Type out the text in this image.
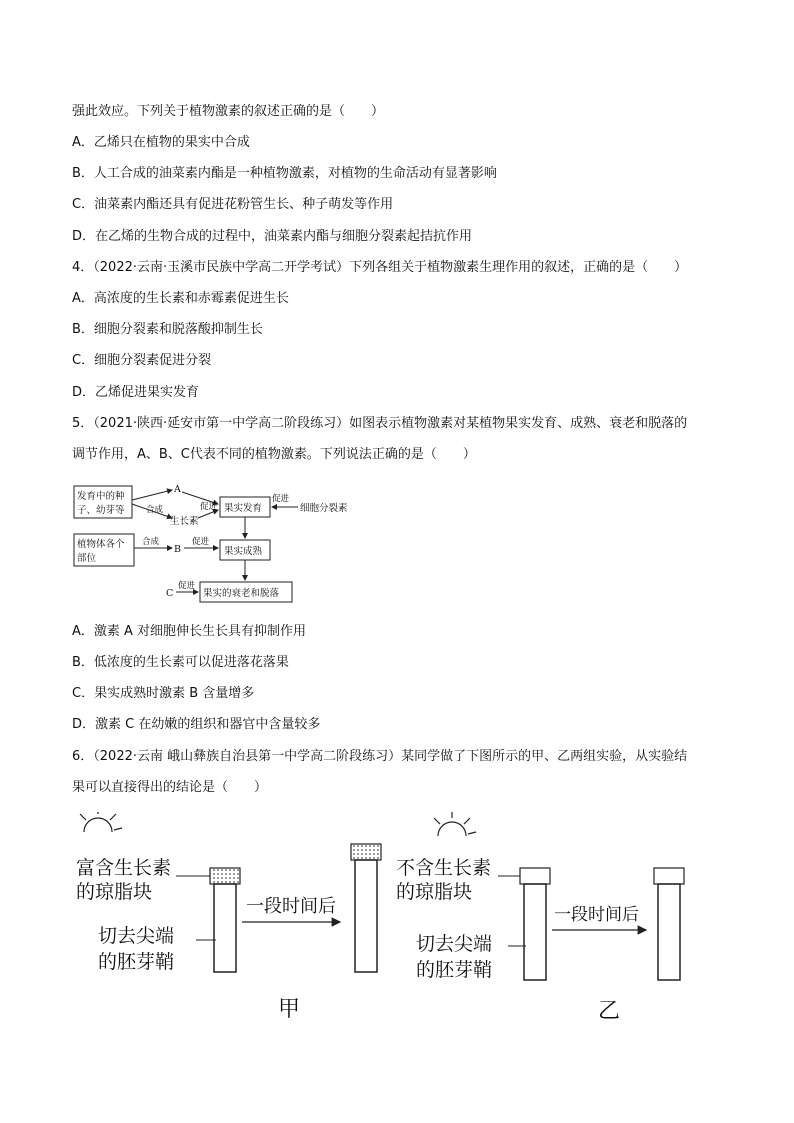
强此效应。下列关于植物激素的叙述正确的是（　　）
A．乙烯只在植物的果实中合成
B．人工合成的油菜素内酯是一种植物激素，对植物的生命活动有显著影响
C．油菜素内酯还具有促进花粉管生长、种子萌发等作用
D．在乙烯的生物合成的过程中，油菜素内酯与细胞分裂素起拮抗作用
4．（2022·云南·玉溪市民族中学高二开学考试）下列各组关于植物激素生理作用的叙述，正确的是（　　）
A．高浓度的生长素和赤霉素促进生长
B．细胞分裂素和脱落酸抑制生长
C．细胞分裂素促进分裂
D．乙烯促进果实发育
5．（2021·陕西·延安市第一中学高二阶段练习）如图表示植物激素对某植物果实发育、成熟、衰老和脱落的
调节作用，A、B、C代表不同的植物激素。下列说法正确的是（　　）
发育中的种
子、幼芽等
植物体各个
部位
A
生长素
合成	促进 果实发育
促进
细胞分裂素
合成
B
促进
果实成熟
C
促进
果实的衰老和脱落
A．激素 A 对细胞伸长生长具有抑制作用
B．低浓度的生长素可以促进落花落果
C．果实成熟时激素 B 含量增多
D．激素 C 在幼嫩的组织和器官中含量较多
6．（2022·云南 峨山彝族自治县第一中学高二阶段练习）某同学做了下图所示的甲、乙两组实验，从实验结
果可以直接得出的结论是（　　）
富含生长素
的琼脂块
切去尖端
的胚芽鞘
一段时间后
甲
不含生长素
的琼脂块
切去尖端
的胚芽鞘
一段时间后
乙
